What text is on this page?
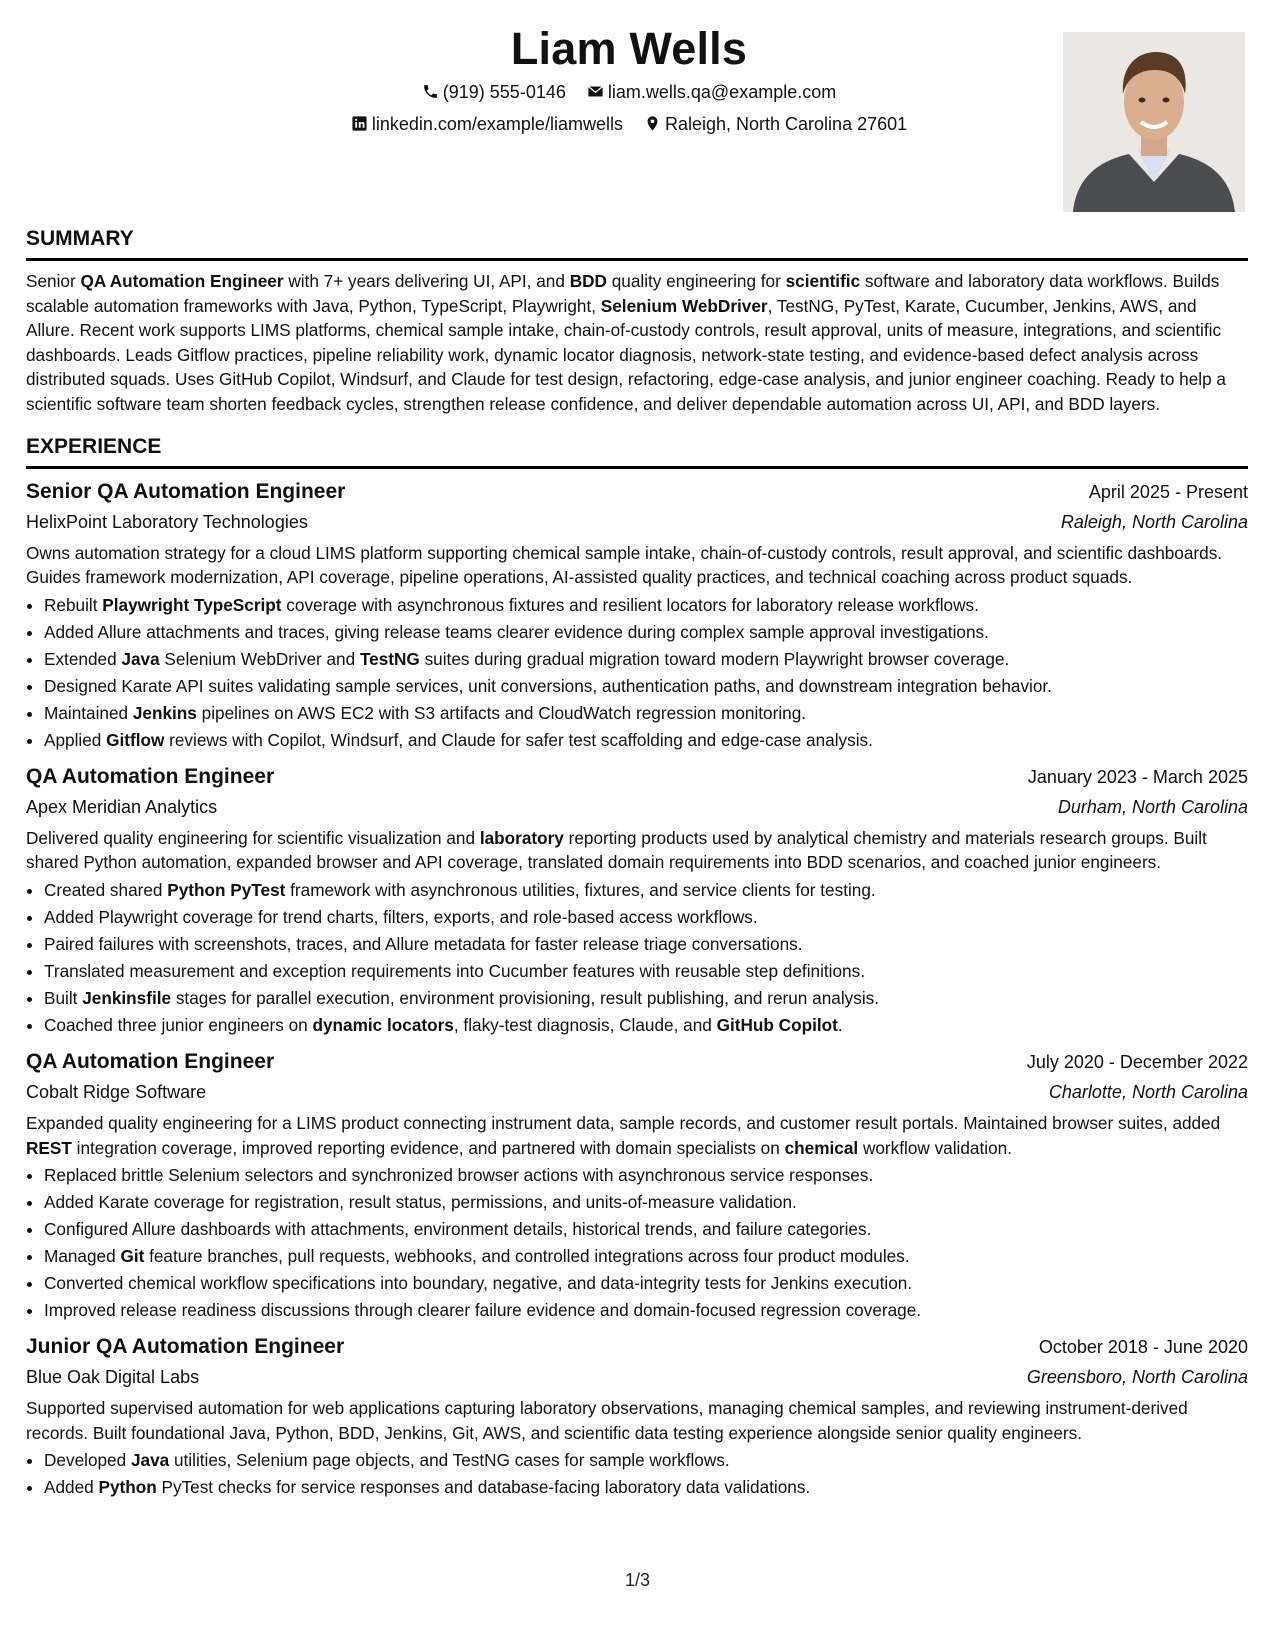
Liam Wells
(919) 555-0146 liam.wells.qa@example.com
linkedin.com/example/liamwells Raleigh, North Carolina 27601
SUMMARY

Senior QA Automation Engineer with 7+ years delivering UI, API, and BDD quality engineering for scientific software and laboratory data workflows. Builds scalable automation frameworks with Java, Python, TypeScript, Playwright, Selenium WebDriver, TestNG, PyTest, Karate, Cucumber, Jenkins, AWS, and Allure. Recent work supports LIMS platforms, chemical sample intake, chain-of-custody controls, result approval, units of measure, integrations, and scientific dashboards. Leads Gitflow practices, pipeline reliability work, dynamic locator diagnosis, network-state testing, and evidence-based defect analysis across distributed squads. Uses GitHub Copilot, Windsurf, and Claude for test design, refactoring, edge-case analysis, and junior engineer coaching. Ready to help a scientific software team shorten feedback cycles, strengthen release confidence, and deliver dependable automation across UI, API, and BDD layers.

EXPERIENCE
Senior QA Automation Engineer	April 2025 - Present
HelixPoint Laboratory Technologies	Raleigh, North Carolina

Owns automation strategy for a cloud LIMS platform supporting chemical sample intake, chain-of-custody controls, result approval, and scientific dashboards. Guides framework modernization, API coverage, pipeline operations, AI-assisted quality practices, and technical coaching across product squads.

• Rebuilt Playwright TypeScript coverage with asynchronous fixtures and resilient locators for laboratory release workflows.
• Added Allure attachments and traces, giving release teams clearer evidence during complex sample approval investigations.
• Extended Java Selenium WebDriver and TestNG suites during gradual migration toward modern Playwright browser coverage.
• Designed Karate API suites validating sample services, unit conversions, authentication paths, and downstream integration behavior.
• Maintained Jenkins pipelines on AWS EC2 with S3 artifacts and CloudWatch regression monitoring.
• Applied Gitflow reviews with Copilot, Windsurf, and Claude for safer test scaffolding and edge-case analysis.
QA Automation Engineer	January 2023 - March 2025
Apex Meridian Analytics	Durham, North Carolina

Delivered quality engineering for scientific visualization and laboratory reporting products used by analytical chemistry and materials research groups. Built shared Python automation, expanded browser and API coverage, translated domain requirements into BDD scenarios, and coached junior engineers.

• Created shared Python PyTest framework with asynchronous utilities, fixtures, and service clients for testing.
• Added Playwright coverage for trend charts, filters, exports, and role-based access workflows.
• Paired failures with screenshots, traces, and Allure metadata for faster release triage conversations.
• Translated measurement and exception requirements into Cucumber features with reusable step definitions.
• Built Jenkinsfile stages for parallel execution, environment provisioning, result publishing, and rerun analysis.
• Coached three junior engineers on dynamic locators, flaky-test diagnosis, Claude, and GitHub Copilot.
QA Automation Engineer	July 2020 - December 2022
Cobalt Ridge Software	Charlotte, North Carolina

Expanded quality engineering for a LIMS product connecting instrument data, sample records, and customer result portals. Maintained browser suites, added REST integration coverage, improved reporting evidence, and partnered with domain specialists on chemical workflow validation.

• Replaced brittle Selenium selectors and synchronized browser actions with asynchronous service responses.
• Added Karate coverage for registration, result status, permissions, and units-of-measure validation.
• Configured Allure dashboards with attachments, environment details, historical trends, and failure categories.
• Managed Git feature branches, pull requests, webhooks, and controlled integrations across four product modules.
• Converted chemical workflow specifications into boundary, negative, and data-integrity tests for Jenkins execution.
• Improved release readiness discussions through clearer failure evidence and domain-focused regression coverage.
Junior QA Automation Engineer	October 2018 - June 2020
Blue Oak Digital Labs	Greensboro, North Carolina

Supported supervised automation for web applications capturing laboratory observations, managing chemical samples, and reviewing instrument-derived records. Built foundational Java, Python, BDD, Jenkins, Git, AWS, and scientific data testing experience alongside senior quality engineers.

• Developed Java utilities, Selenium page objects, and TestNG cases for sample workflows.
• Added Python PyTest checks for service responses and database-facing laboratory data validations.
1/3
